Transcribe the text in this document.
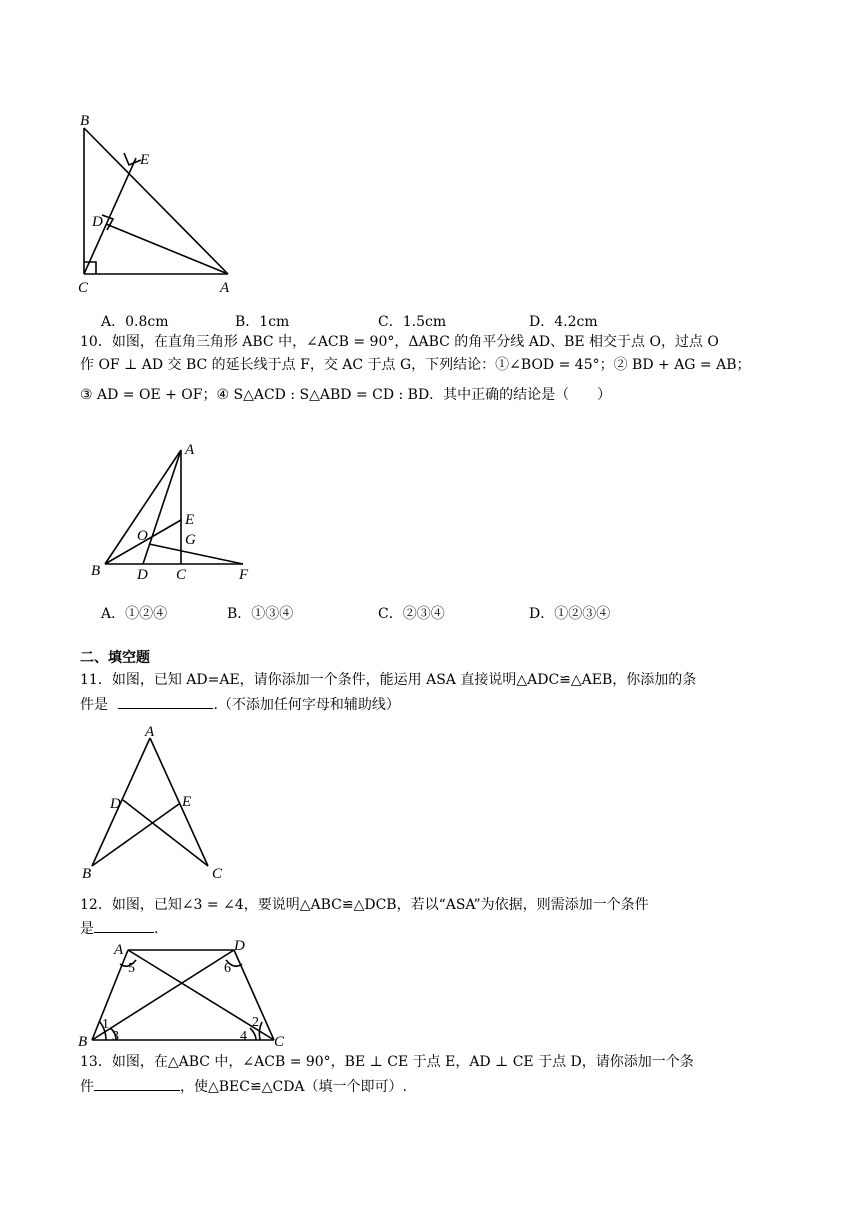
B
E
D
C	A
A．0.8cm	B．1cm	C．1.5cm	D．4.2cm
10．如图，在直角三角形 ABC 中，∠ACB = 90°，ΔABC 的角平分线 AD、BE 相交于点 O，过点 O
作 OF ⊥ AD 交 BC 的延长线于点 F，交 AC 于点 G，下列结论：①∠BOD = 45°；② BD + AG = AB；
③ AD = OE + OF；④ S△ACD : S△ABD = CD : BD．其中正确的结论是（　　）
A
E
O G
B D C	F
A．①②④	B．①③④	C．②③④	D．①②③④
二、填空题
11．如图，已知 AD=AE，请你添加一个条件，能运用 ASA 直接说明△ADC≌△AEB，你添加的条
件是	.（不添加任何字母和辅助线）
A
D	E
B	C
12．如图，已知∠3 = ∠4，要说明△ABC≌△DCB，若以“ASA”为依据，则需添加一个条件
是	.
A	D
B	C
5	6
1
3	4
2
13．如图，在△ABC 中，∠ACB = 90°，BE ⊥ CE 于点 E，AD ⊥ CE 于点 D，请你添加一个条
件	，使△BEC≌△CDA（填一个即可）.
